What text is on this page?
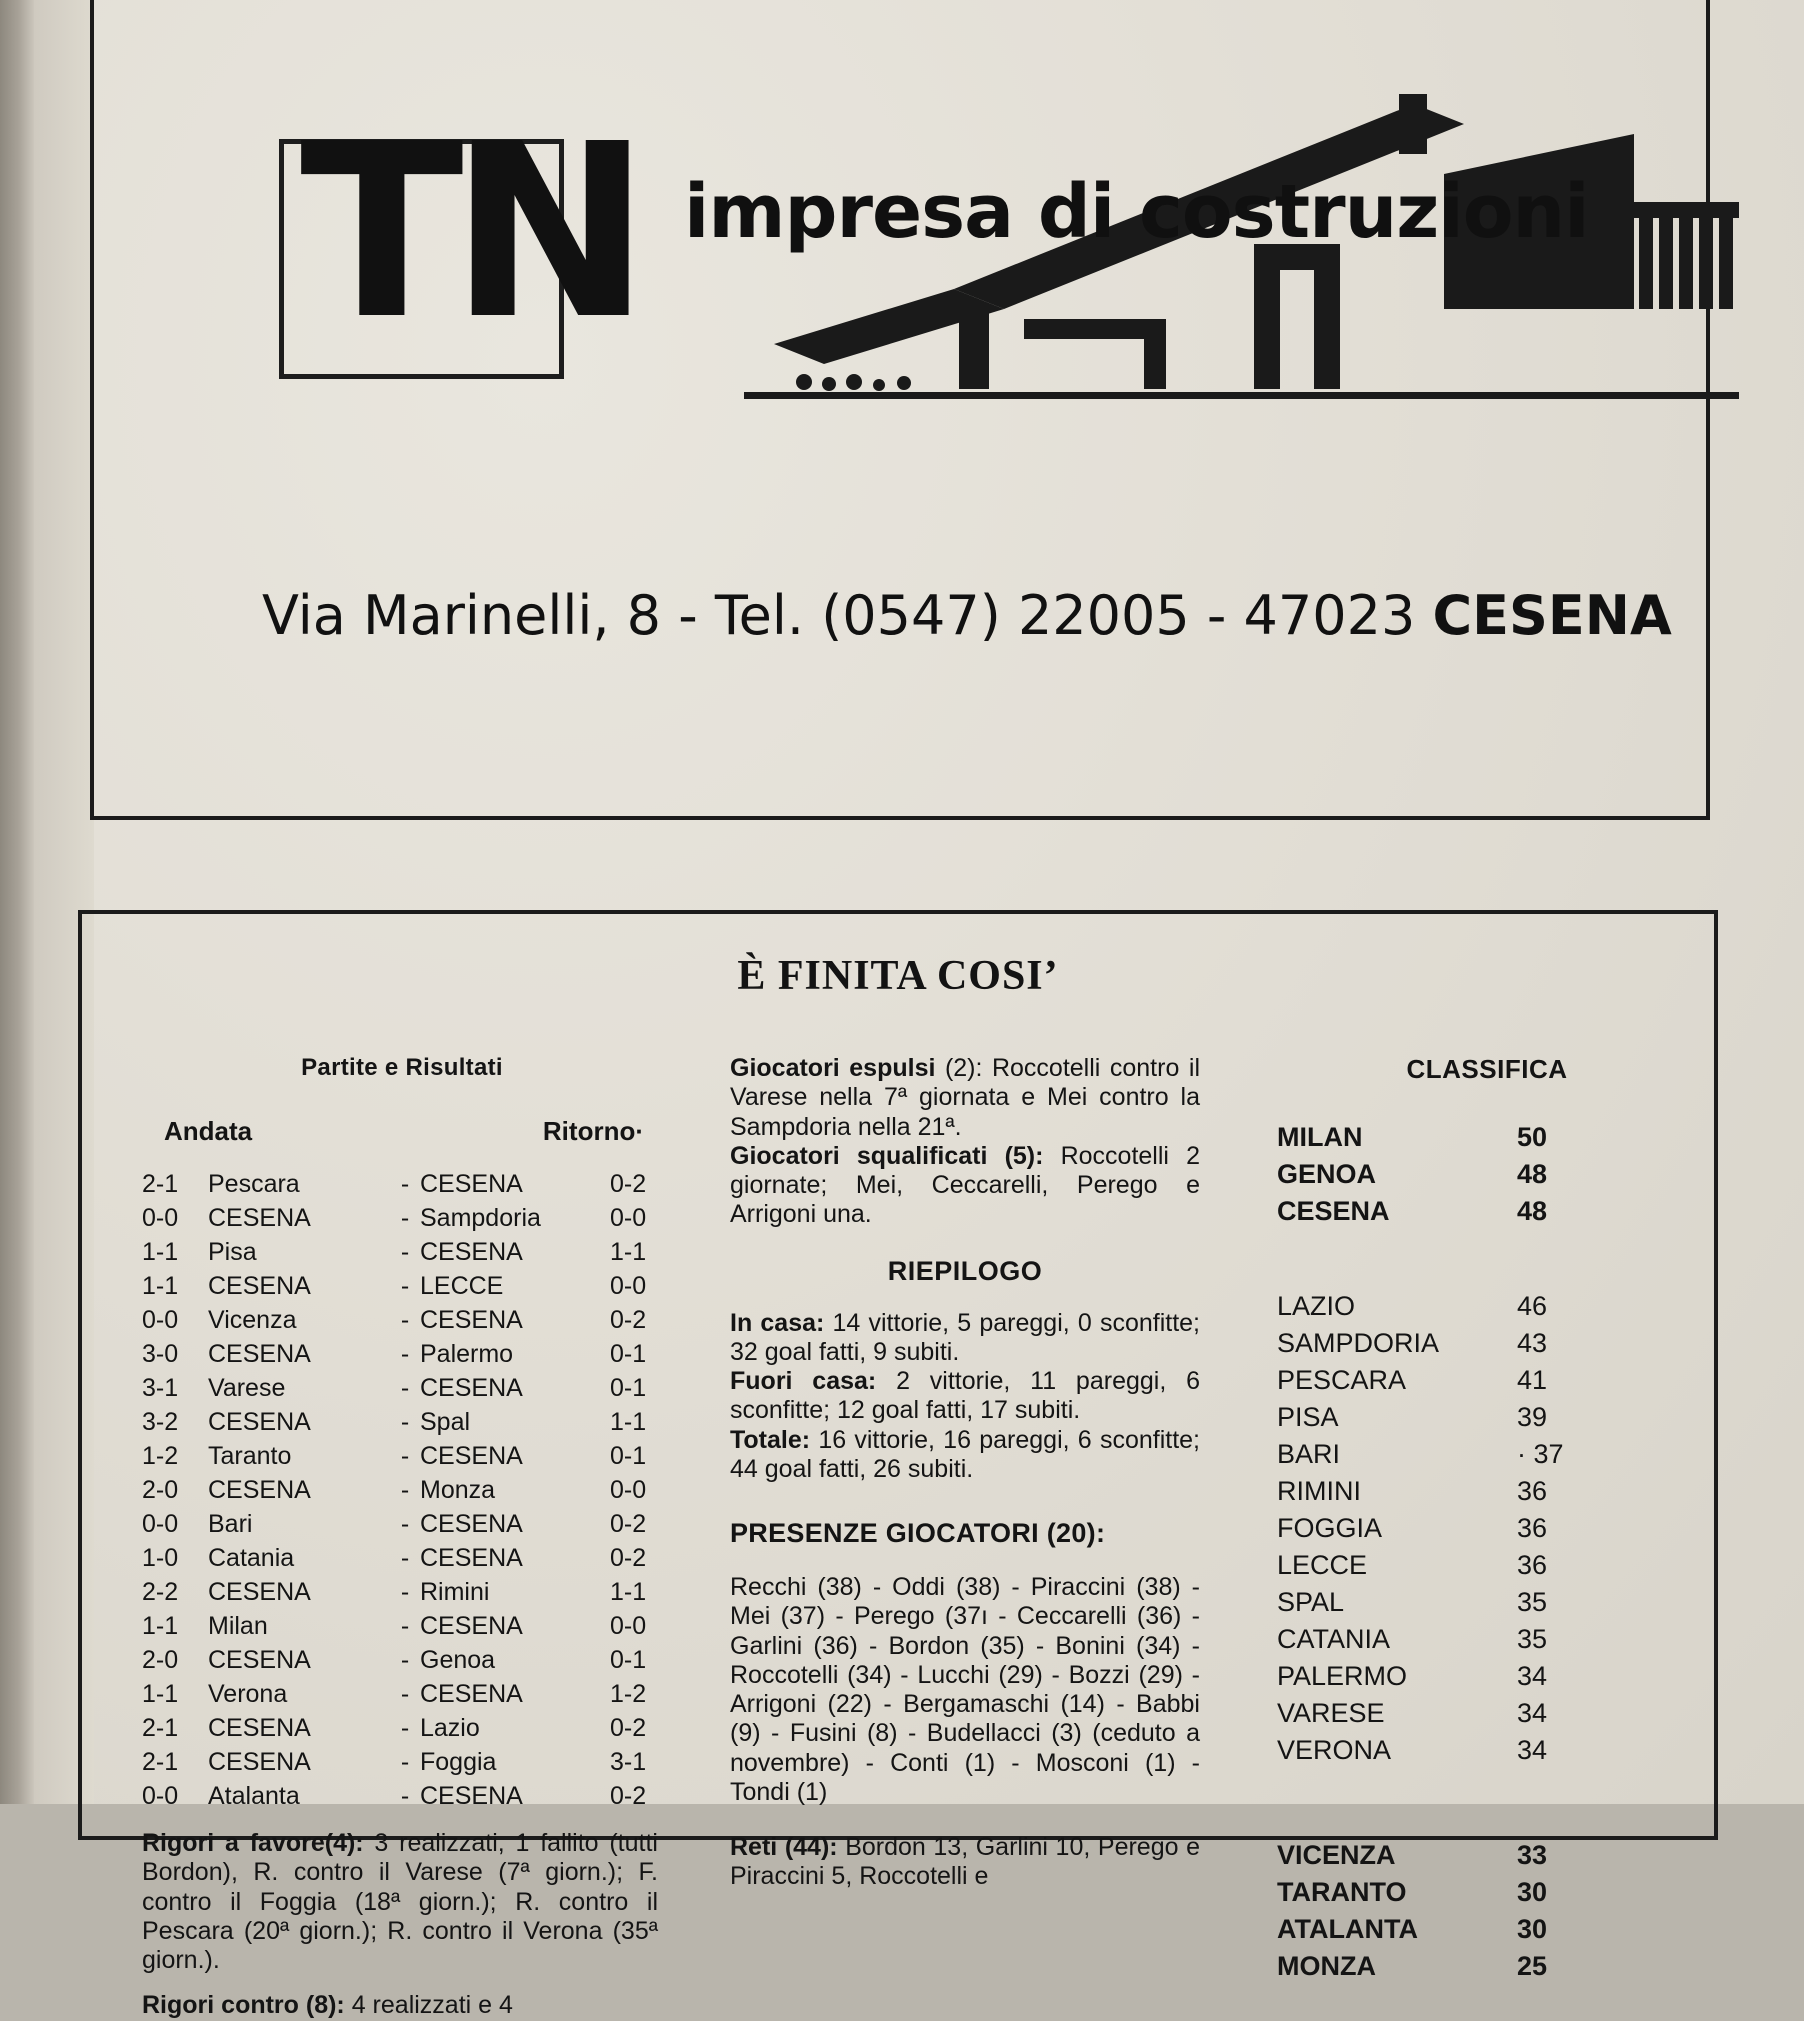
TN impresa di costruzioni
Via Marinelli, 8 - Tel. (0547) 22005 - 47023 CESENA
È FINITA COSI’
Partite e Risultati
Andata	Ritorno·
2-1	Pescara	-	CESENA	0-2
0-0	CESENA	-	Sampdoria	0-0
1-1	Pisa	-	CESENA	1-1
1-1	CESENA	-	LECCE	0-0
0-0	Vicenza	-	CESENA	0-2
3-0	CESENA	-	Palermo	0-1
3-1	Varese	-	CESENA	0-1
3-2	CESENA	-	Spal	1-1
1-2	Taranto	-	CESENA	0-1
2-0	CESENA	-	Monza	0-0
0-0	Bari	-	CESENA	0-2
1-0	Catania	-	CESENA	0-2
2-2	CESENA	-	Rimini	1-1
1-1	Milan	-	CESENA	0-0
2-0	CESENA	-	Genoa	0-1
1-1	Verona	-	CESENA	1-2
2-1	CESENA	-	Lazio	0-2
2-1	CESENA	-	Foggia	3-1
0-0	Atalanta	-	CESENA	0-2
Rigori a favore(4): 3 realizzati, 1 fallito (tutti Bordon), R. contro il Varese (7ª giorn.); F. contro il Foggia (18ª giorn.); R. contro il Pescara (20ª giorn.); R. contro il Verona (35ª giorn.).
Rigori contro (8): 4 realizzati e 4
Giocatori espulsi (2): Roccotelli contro il Varese nella 7ª giornata e Mei contro la Sampdoria nella 21ª.
Giocatori squalificati (5): Roccotelli 2 giornate; Mei, Ceccarelli, Perego e Arrigoni una.
RIEPILOGO
In casa: 14 vittorie, 5 pareggi, 0 sconfitte; 32 goal fatti, 9 subiti.
Fuori casa: 2 vittorie, 11 pareggi, 6 sconfitte; 12 goal fatti, 17 subiti.
Totale: 16 vittorie, 16 pareggi, 6 sconfitte; 44 goal fatti, 26 subiti.
PRESENZE GIOCATORI (20):
Recchi (38) - Oddi (38) - Piraccini (38) - Mei (37) - Perego (37ı - Ceccarelli (36) - Garlini (36) - Bordon (35) - Bonini (34) - Roccotelli (34) - Lucchi (29) - Bozzi (29) - Arrigoni (22) - Bergamaschi (14) - Babbi (9) - Fusini (8) - Budellacci (3) (ceduto a novembre) - Conti (1) - Mosconi (1) - Tondi (1)
Reti (44): Bordon 13, Garlini 10, Perego e Piraccini 5, Roccotelli e
CLASSIFICA
MILAN	50
GENOA	48
CESENA	48

LAZIO	46
SAMPDORIA	43
PESCARA	41
PISA	39
BARI	· 37
RIMINI	36
FOGGIA	36
LECCE	36
SPAL	35
CATANIA	35
PALERMO	34
VARESE	34
VERONA	34

VICENZA	33
TARANTO	30
ATALANTA	30
MONZA	25
